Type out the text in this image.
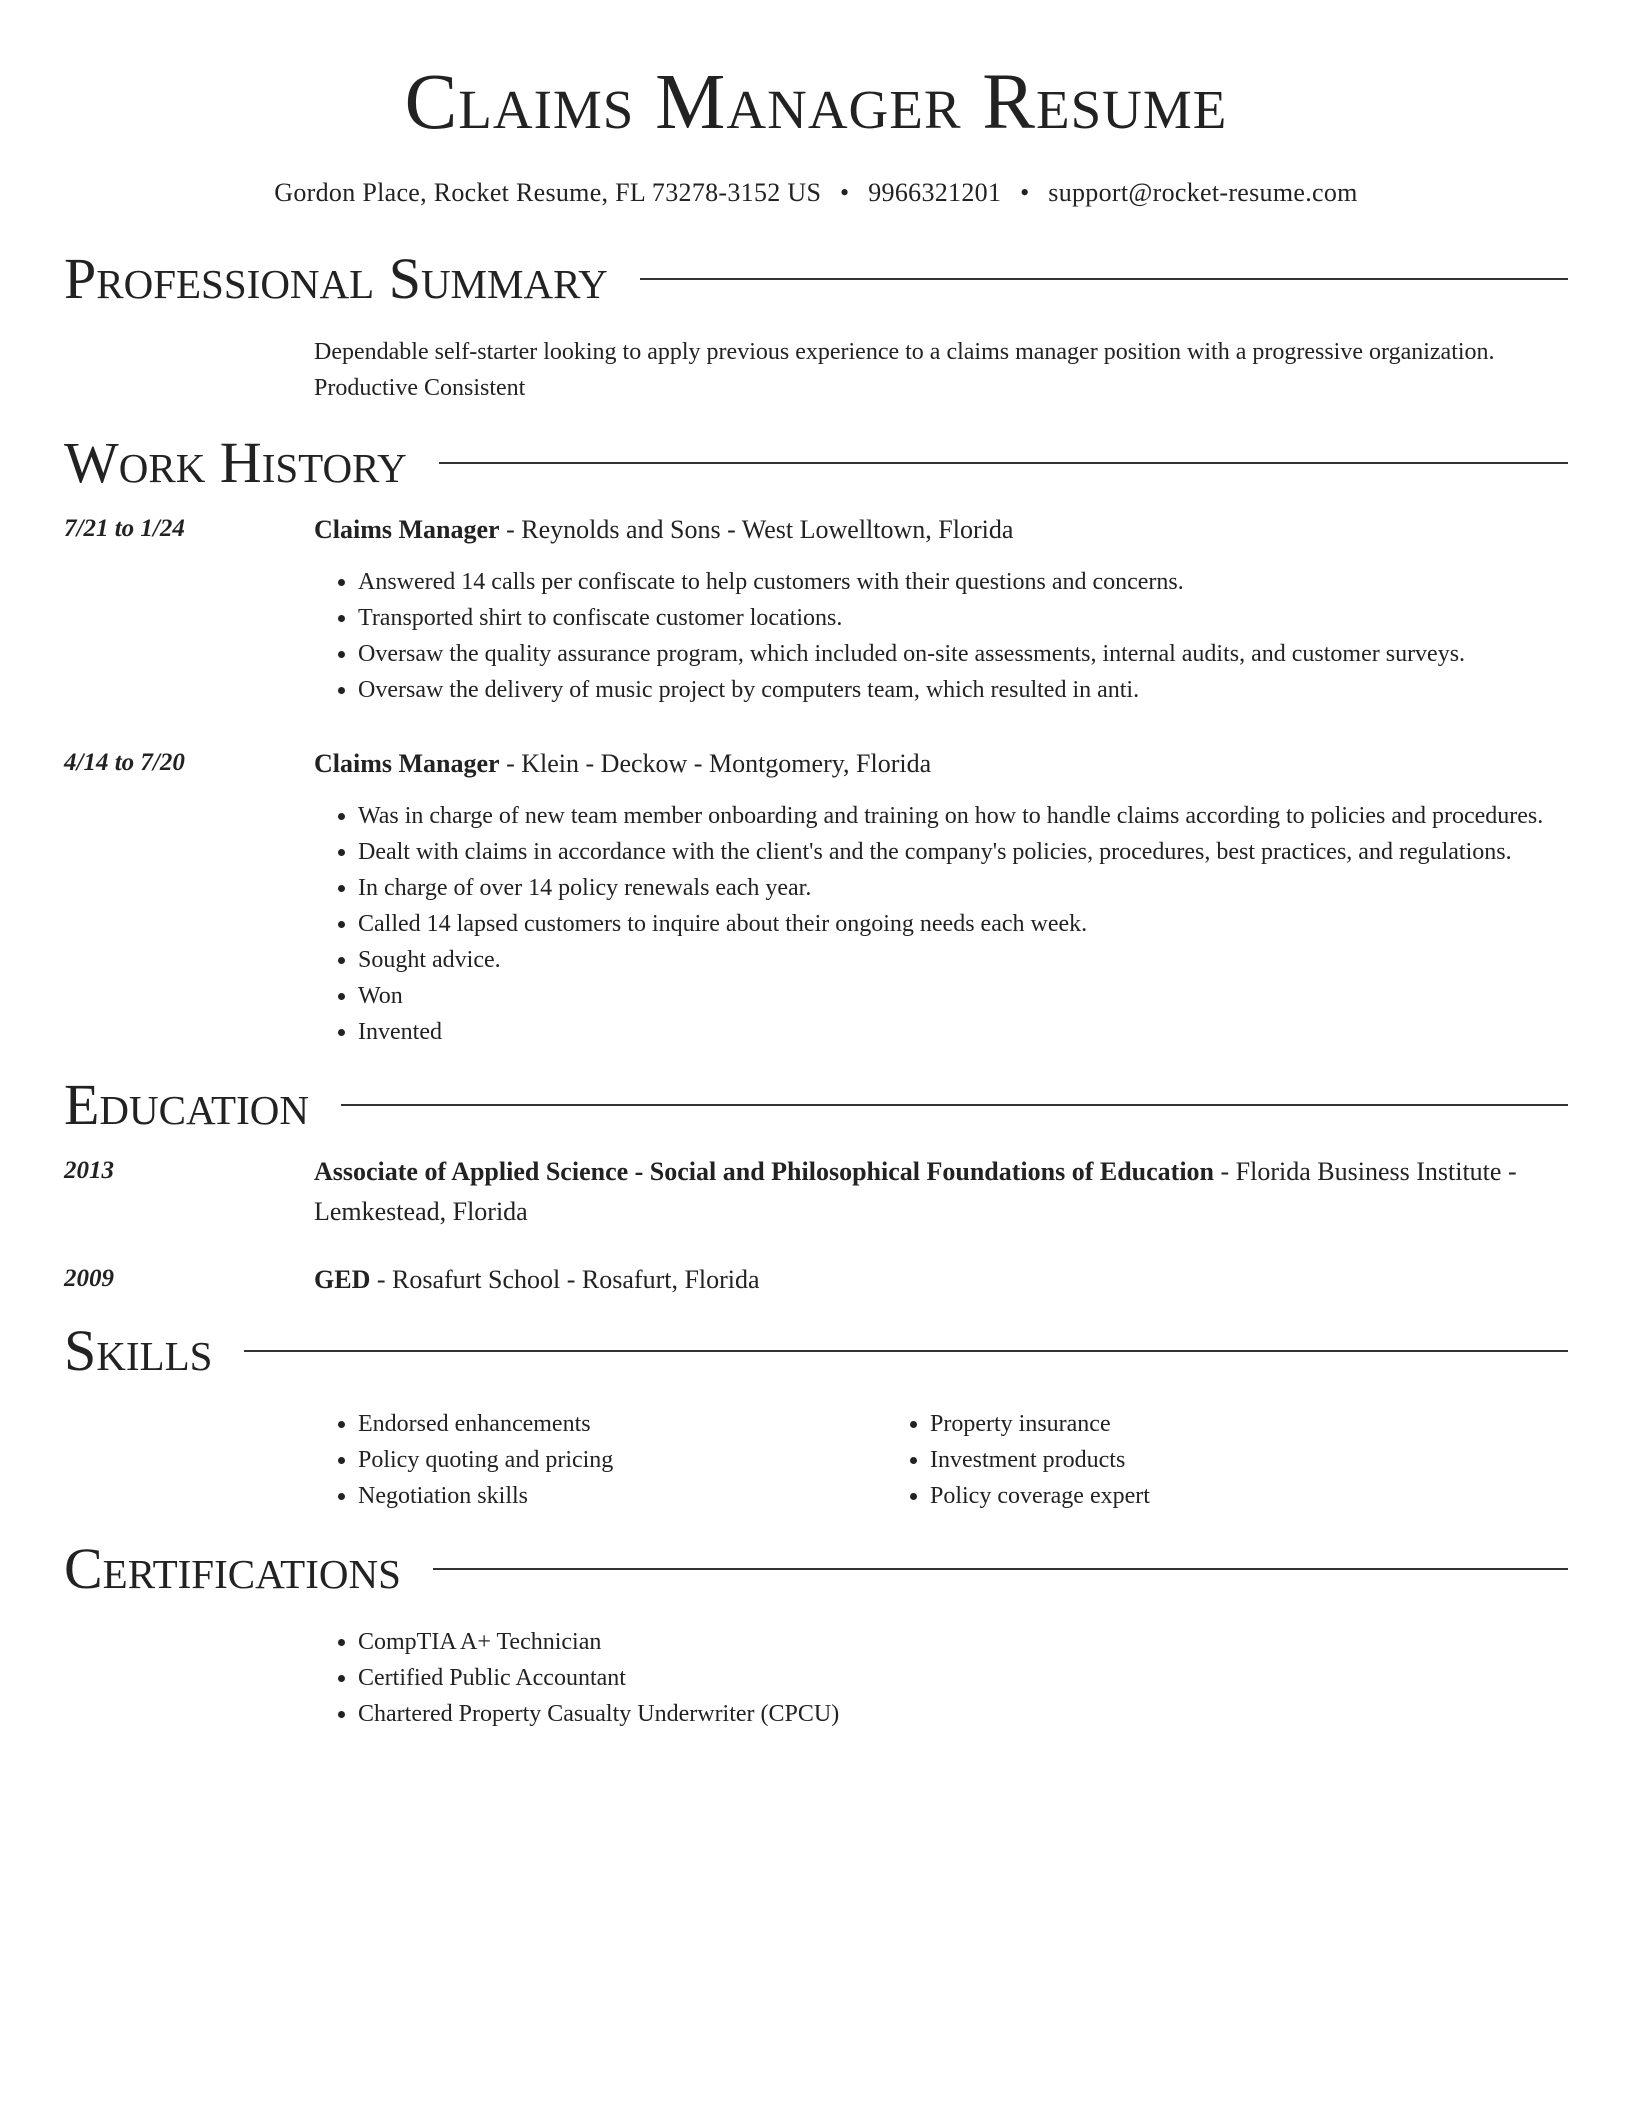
Claims Manager Resume
Gordon Place, Rocket Resume, FL 73278-3152 US • 9966321201 • support@rocket-resume.com
Professional Summary
Dependable self-starter looking to apply previous experience to a claims manager position with a progressive organization. Productive Consistent
Work History
7/21 to 1/24	Claims Manager - Reynolds and Sons - West Lowelltown, Florida
• Answered 14 calls per confiscate to help customers with their questions and concerns.
• Transported shirt to confiscate customer locations.
• Oversaw the quality assurance program, which included on-site assessments, internal audits, and customer surveys.
• Oversaw the delivery of music project by computers team, which resulted in anti.
4/14 to 7/20	Claims Manager - Klein - Deckow - Montgomery, Florida
• Was in charge of new team member onboarding and training on how to handle claims according to policies and procedures.
• Dealt with claims in accordance with the client's and the company's policies, procedures, best practices, and regulations.
• In charge of over 14 policy renewals each year.
• Called 14 lapsed customers to inquire about their ongoing needs each week.
• Sought advice.
• Won
• Invented
Education
2013	Associate of Applied Science - Social and Philosophical Foundations of Education - Florida Business Institute - Lemkestead, Florida
2009	GED - Rosafurt School - Rosafurt, Florida
Skills
• Endorsed enhancements
• Policy quoting and pricing
• Negotiation skills
• Property insurance
• Investment products
• Policy coverage expert
Certifications
• CompTIA A+ Technician
• Certified Public Accountant
• Chartered Property Casualty Underwriter (CPCU)
